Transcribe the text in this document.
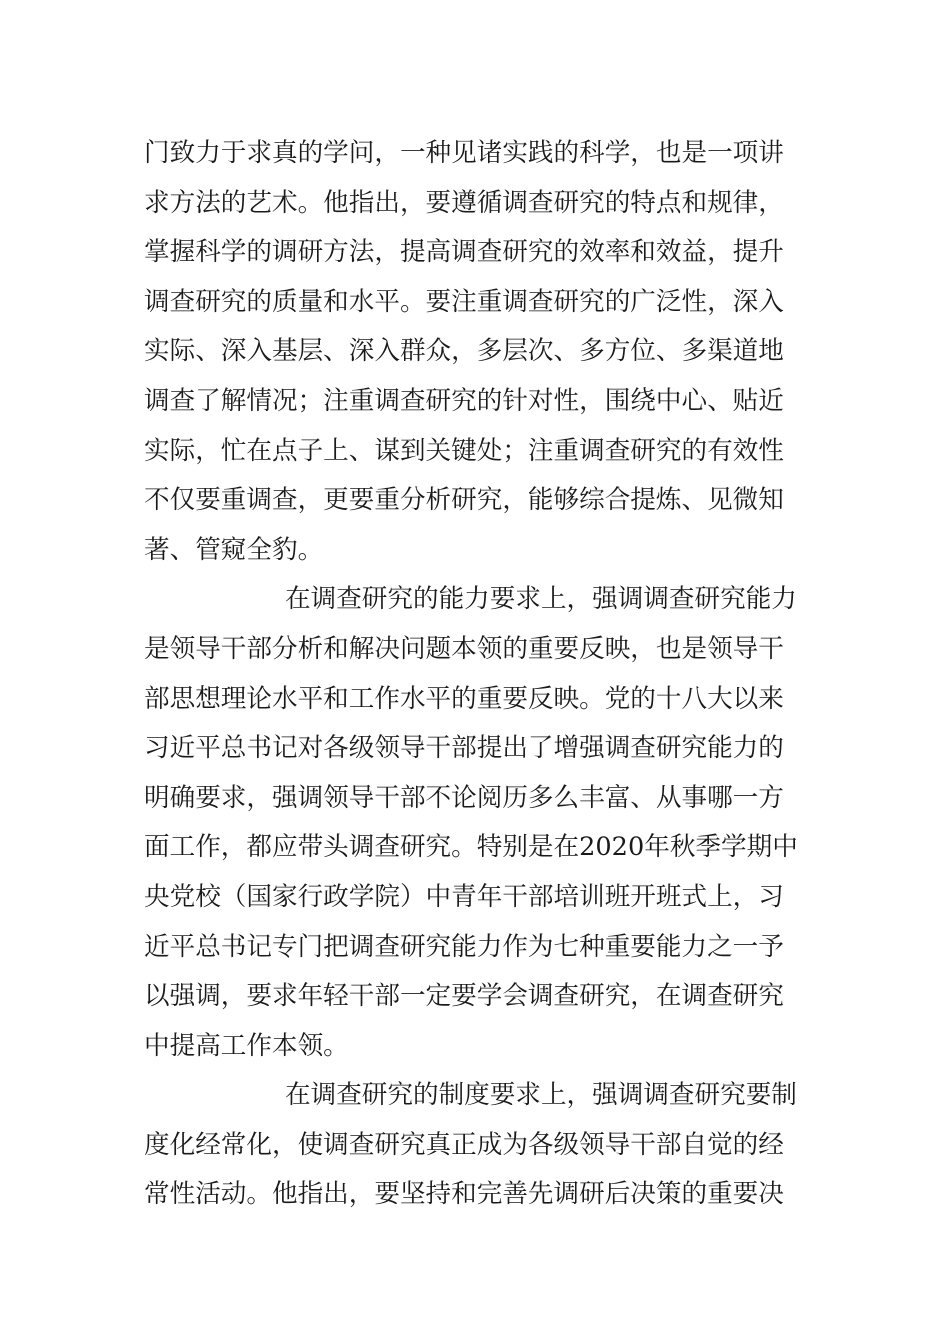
门致力于求真的学问，一种见诸实践的科学，也是一项讲
求方法的艺术。他指出，要遵循调查研究的特点和规律，
掌握科学的调研方法，提高调查研究的效率和效益，提升
调查研究的质量和水平。要注重调查研究的广泛性，深入
实际、深入基层、深入群众，多层次、多方位、多渠道地
调查了解情况；注重调查研究的针对性，围绕中心、贴近
实际，忙在点子上、谋到关键处；注重调查研究的有效性
不仅要重调查，更要重分析研究，能够综合提炼、见微知
著、管窥全豹。
在调查研究的能力要求上，强调调查研究能力
是领导干部分析和解决问题本领的重要反映，也是领导干
部思想理论水平和工作水平的重要反映。党的十八大以来
习近平总书记对各级领导干部提出了增强调查研究能力的
明确要求，强调领导干部不论阅历多么丰富、从事哪一方
面工作，都应带头调查研究。特别是在2020年秋季学期中
央党校（国家行政学院）中青年干部培训班开班式上，习
近平总书记专门把调查研究能力作为七种重要能力之一予
以强调，要求年轻干部一定要学会调查研究，在调查研究
中提高工作本领。
在调查研究的制度要求上，强调调查研究要制
度化经常化，使调查研究真正成为各级领导干部自觉的经
常性活动。他指出，要坚持和完善先调研后决策的重要决
